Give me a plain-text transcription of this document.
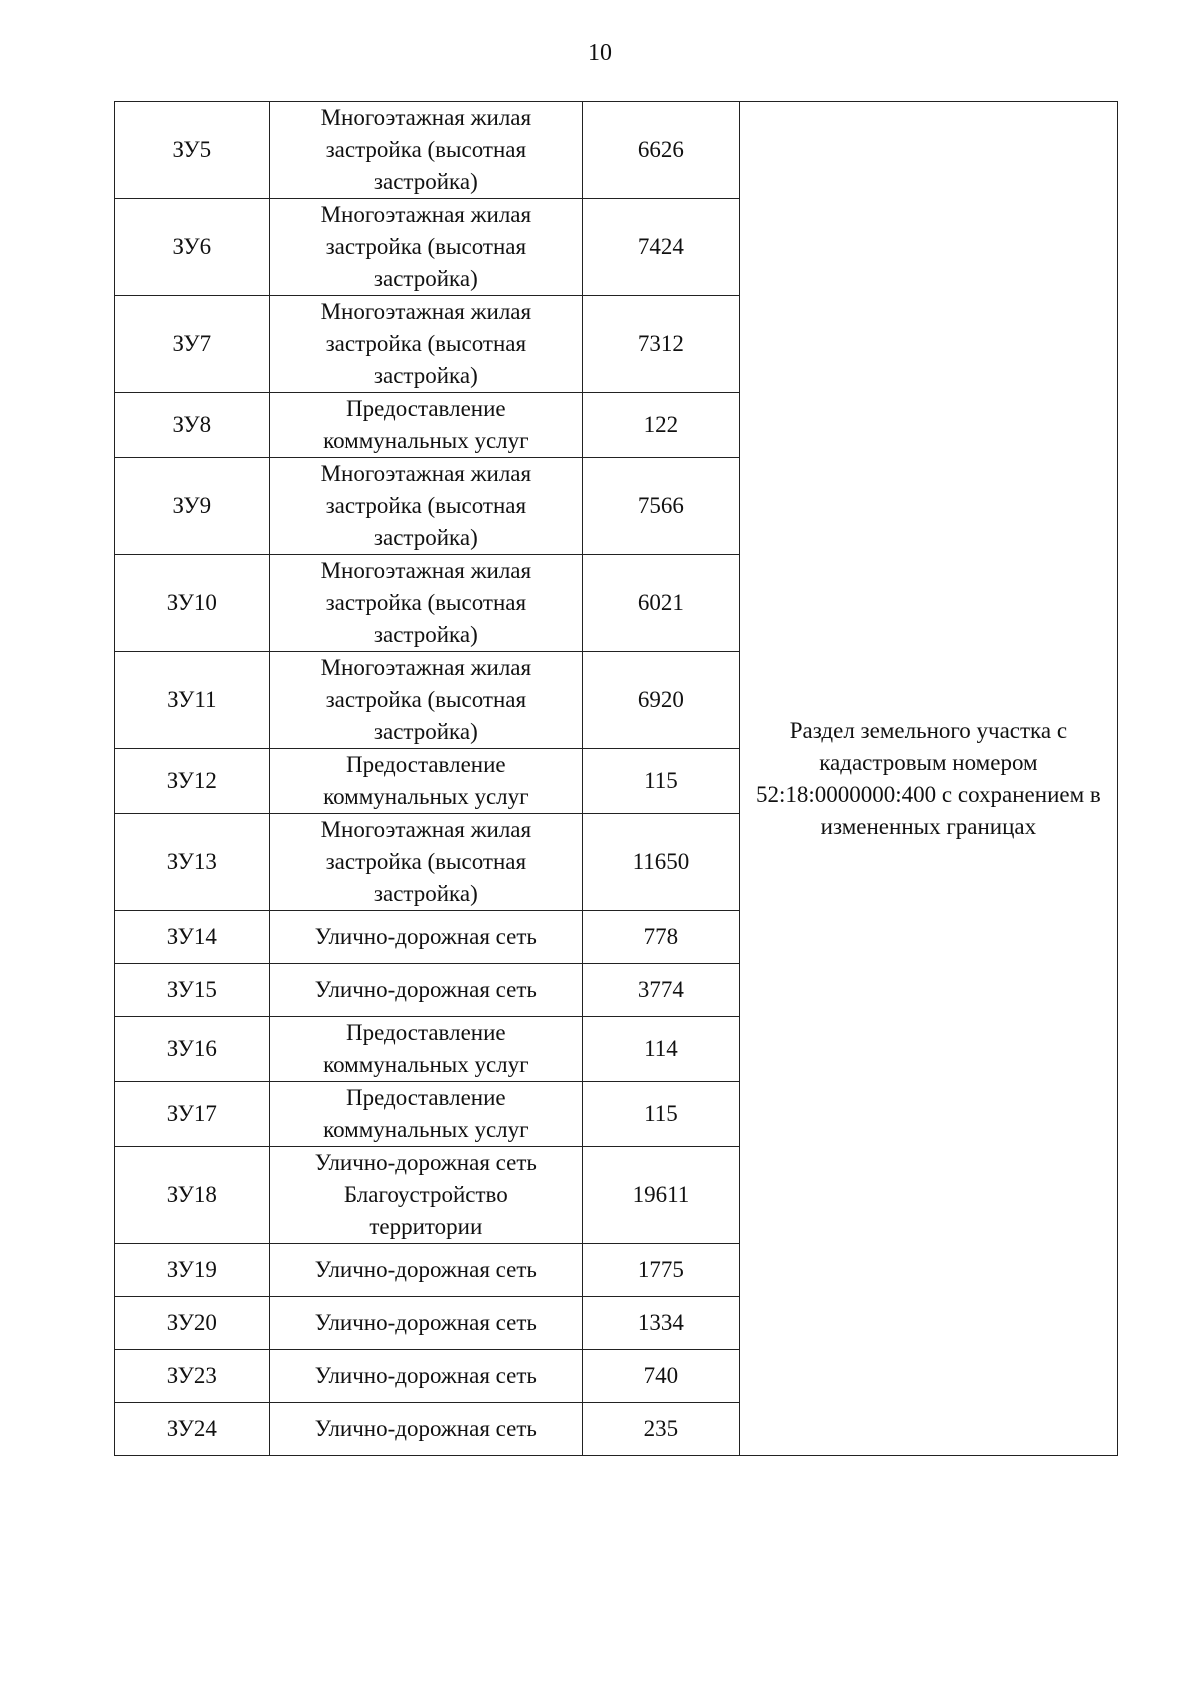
10
ЗУ5	Многоэтажная жилая
застройка (высотная
застройка)	6626	Раздел земельного участка с
кадастровым номером
52:18:0000000:400 с сохранением в
измененных границах

ЗУ6	Многоэтажная жилая
застройка (высотная
застройка)	7424	
ЗУ7	Многоэтажная жилая
застройка (высотная
застройка)	7312	
ЗУ8	Предоставление
коммунальных услуг	122	
ЗУ9	Многоэтажная жилая
застройка (высотная
застройка)	7566	
ЗУ10	Многоэтажная жилая
застройка (высотная
застройка)	6021	
ЗУ11	Многоэтажная жилая
застройка (высотная
застройка)	6920	
ЗУ12	Предоставление
коммунальных услуг	115	
ЗУ13	Многоэтажная жилая
застройка (высотная
застройка)	11650	
ЗУ14	Улично-дорожная сеть	778	
ЗУ15	Улично-дорожная сеть	3774	
ЗУ16	Предоставление
коммунальных услуг	114	
ЗУ17	Предоставление
коммунальных услуг	115	
ЗУ18	Улично-дорожная сеть
Благоустройство
территории	19611	
ЗУ19	Улично-дорожная сеть	1775	
ЗУ20	Улично-дорожная сеть	1334	
ЗУ23	Улично-дорожная сеть	740	
ЗУ24	Улично-дорожная сеть	235	
